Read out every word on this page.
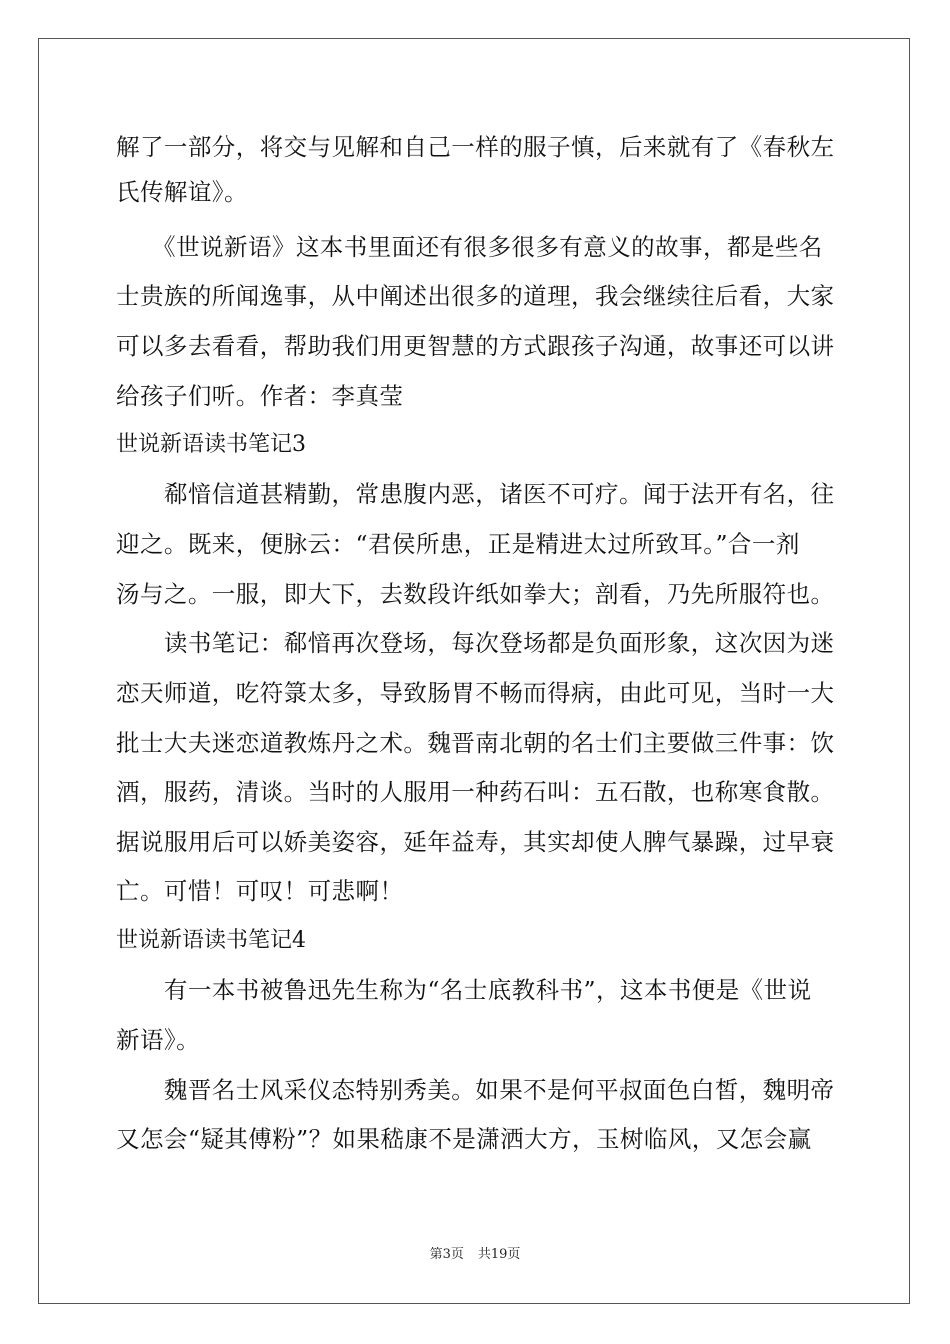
解了一部分，将交与见解和自己一样的服子慎，后来就有了《春秋左
氏传解谊》。
　　《世说新语》这本书里面还有很多很多有意义的故事，都是些名
士贵族的所闻逸事，从中阐述出很多的道理，我会继续往后看，大家
可以多去看看，帮助我们用更智慧的方式跟孩子沟通，故事还可以讲
给孩子们听。作者：李真莹
世说新语读书笔记3
　　郗愔信道甚精勤，常患腹内恶，诸医不可疗。闻于法开有名，往
迎之。既来，便脉云：“君侯所患，正是精进太过所致耳。”合一剂
汤与之。一服，即大下，去数段许纸如拳大；剖看，乃先所服符也。
　　读书笔记：郗愔再次登场，每次登场都是负面形象，这次因为迷
恋天师道，吃符箓太多，导致肠胃不畅而得病，由此可见，当时一大
批士大夫迷恋道教炼丹之术。魏晋南北朝的名士们主要做三件事：饮
酒，服药，清谈。当时的人服用一种药石叫：五石散，也称寒食散。
据说服用后可以娇美姿容，延年益寿，其实却使人脾气暴躁，过早衰
亡。可惜！可叹！可悲啊！
世说新语读书笔记4
　　有一本书被鲁迅先生称为“名士底教科书”，这本书便是《世说
新语》。
　　魏晋名士风采仪态特别秀美。如果不是何平叔面色白皙，魏明帝
又怎会“疑其傅粉”？如果嵇康不是潇洒大方，玉树临风，又怎会赢
第3页 共19页
